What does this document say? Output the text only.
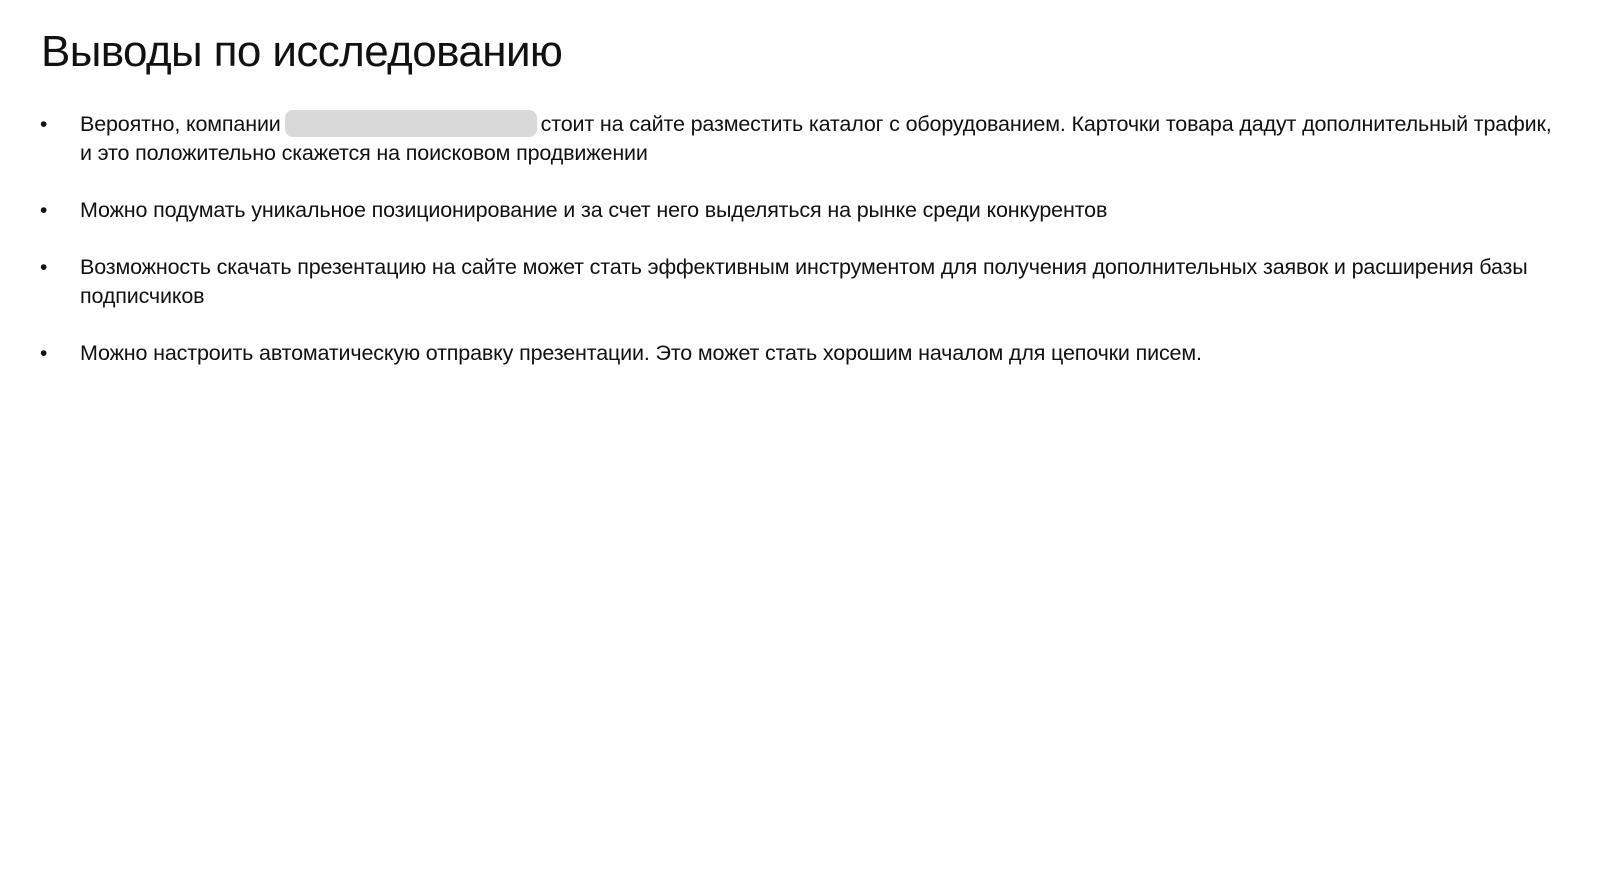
Выводы по исследованию
• Вероятно, компании	стоит на сайте разместить каталог с оборудованием. Карточки товара дадут дополнительный трафик, и это положительно скажется на поисковом продвижении
• Можно подумать уникальное позиционирование и за счет него выделяться на рынке среди конкурентов
• Возможность скачать презентацию на сайте может стать эффективным инструментом для получения дополнительных заявок и расширения базы подписчиков
• Можно настроить автоматическую отправку презентации. Это может стать хорошим началом для цепочки писем.
